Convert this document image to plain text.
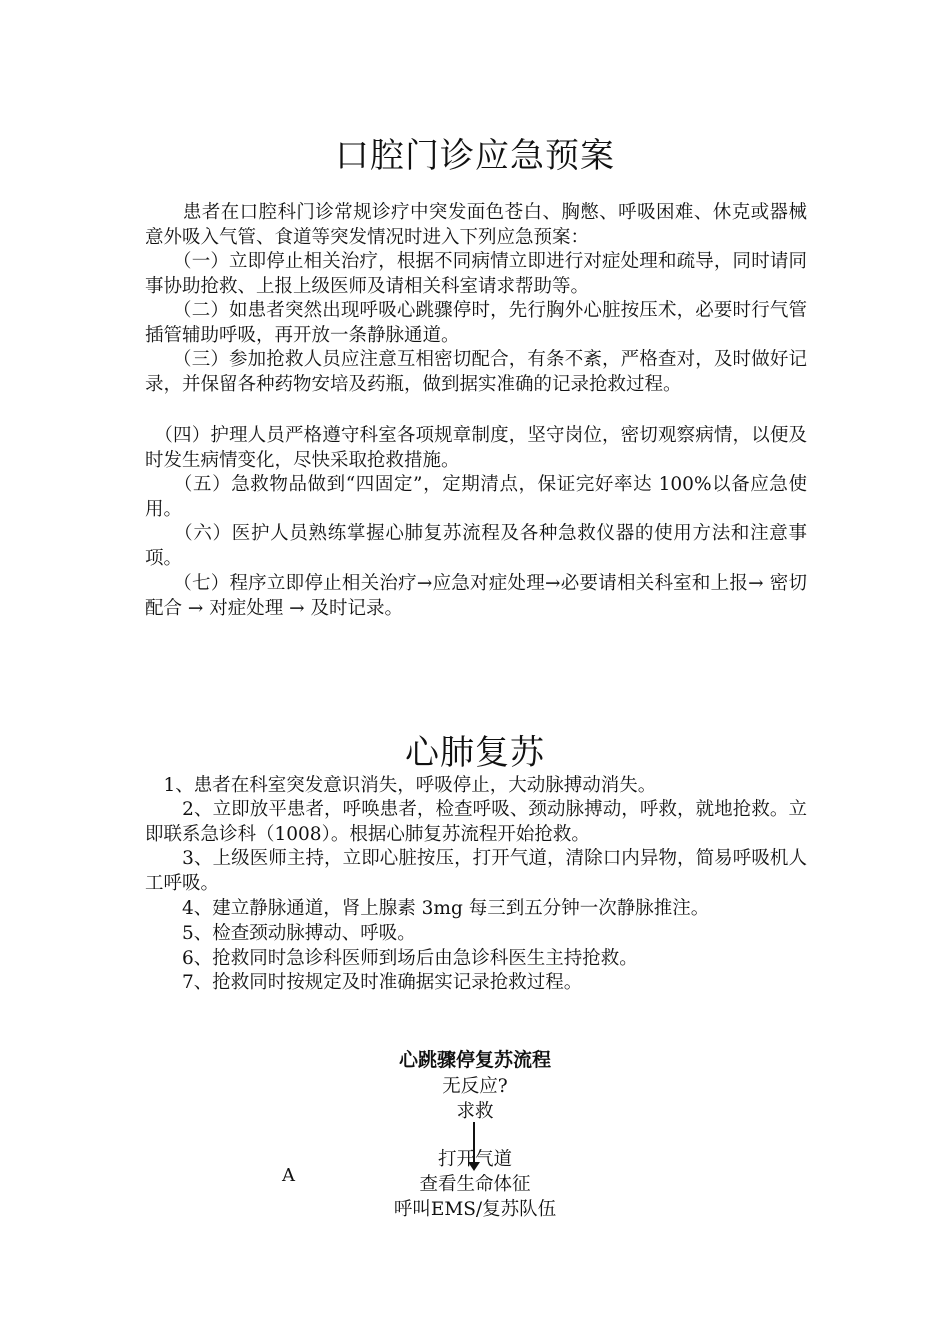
口腔门诊应急预案

　　患者在口腔科门诊常规诊疗中突发面色苍白、胸憋、呼吸困难、休克或器械意外吸入气管、食道等突发情况时进入下列应急预案：

　　（一）立即停止相关治疗，根据不同病情立即进行对症处理和疏导，同时请同事协助抢救、上报上级医师及请相关科室请求帮助等。

　　（二）如患者突然出现呼吸心跳骤停时，先行胸外心脏按压术，必要时行气管插管辅助呼吸，再开放一条静脉通道。

　　（三）参加抢救人员应注意互相密切配合，有条不紊，严格查对，及时做好记录，并保留各种药物安培及药瓶，做到据实准确的记录抢救过程。

　（四）护理人员严格遵守科室各项规章制度，坚守岗位，密切观察病情，以便及时发生病情变化，尽快采取抢救措施。

　　（五）急救物品做到“四固定”，定期清点，保证完好率达 100%以备应急使用。

　　（六）医护人员熟练掌握心肺复苏流程及各种急救仪器的使用方法和注意事项。

　　（七）程序立即停止相关治疗→应急对症处理→必要请相关科室和上报→ 密切配合 → 对症处理 → 及时记录。

心肺复苏

　1、患者在科室突发意识消失，呼吸停止，大动脉搏动消失。

　　2、立即放平患者，呼唤患者，检查呼吸、颈动脉搏动，呼救，就地抢救。立即联系急诊科（1008）。根据心肺复苏流程开始抢救。

　　3、上级医师主持，立即心脏按压，打开气道，清除口内异物，简易呼吸机人工呼吸。

　　4、建立静脉通道，肾上腺素 3mg 每三到五分钟一次静脉推注。

　　5、检查颈动脉搏动、呼吸。

　　6、抢救同时急诊科医师到场后由急诊科医生主持抢救。

　　7、抢救同时按规定及时准确据实记录抢救过程。

心跳骤停复苏流程
无反应?
求救
打开气道
查看生命体征
呼叫EMS/复苏队伍
A
